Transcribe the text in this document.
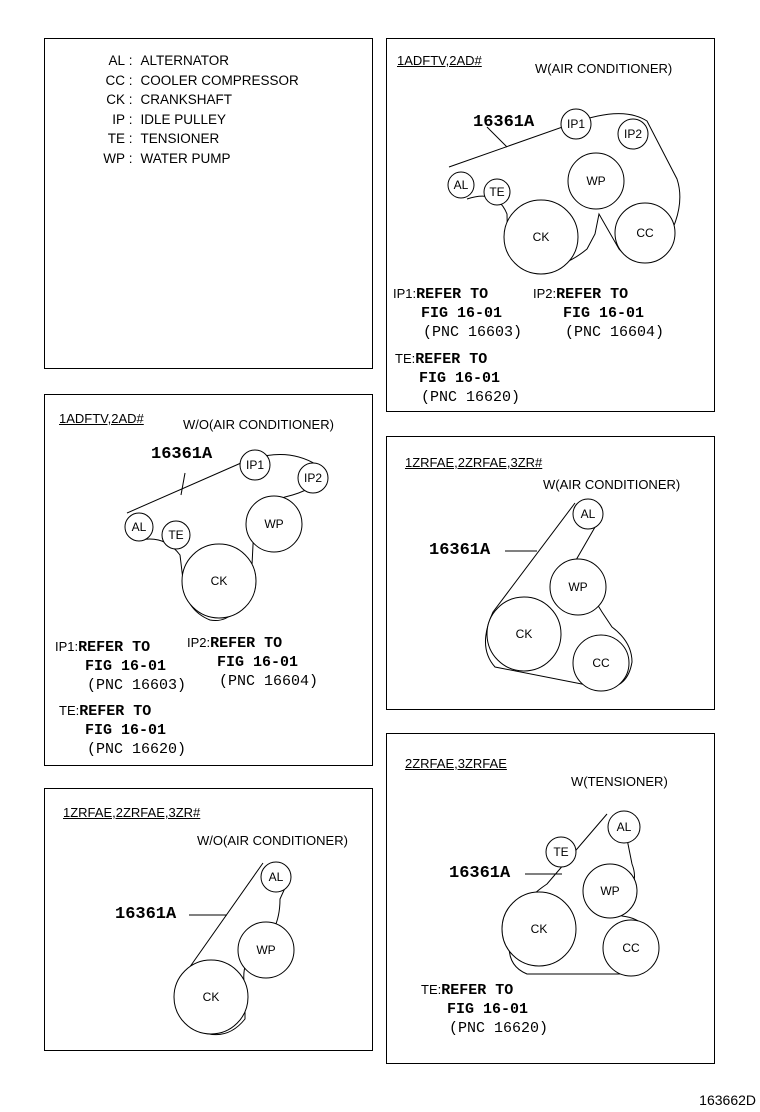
AL : ALTERNATOR
CC : COOLER COMPRESSOR
CK : CRANKSHAFT
IP : IDLE PULLEY
TE : TENSIONER
WP : WATER PUMP
AL TE
CK
WP
CC
IP1
IP2
1ADFTV,2AD#
W(AIR CONDITIONER)
16361A
IP1:REFER TO
FIG 16-01
(PNC 16603)
IP2:REFER TO
FIG 16-01
(PNC 16604)
TE:REFER TO
FIG 16-01
(PNC 16620)
AL
TE
CK
WP
IP1
IP2
1ADFTV,2AD#	W/O(AIR CONDITIONER)
16361A
IP1:REFER TO
FIG 16-01
(PNC 16603)
IP2:REFER TO
FIG 16-01
(PNC 16604)
TE:REFER TO
FIG 16-01
(PNC 16620)
AL
WP
CK
CC
1ZRFAE,2ZRFAE,3ZR#
W(AIR CONDITIONER)
16361A
AL
WP
CK
1ZRFAE,2ZRFAE,3ZR#
W/O(AIR CONDITIONER)
16361A
TE
AL
WP
CK
CC
2ZRFAE,3ZRFAE
W(TENSIONER)
16361A
TE:REFER TO
FIG 16-01
(PNC 16620)
163662D
